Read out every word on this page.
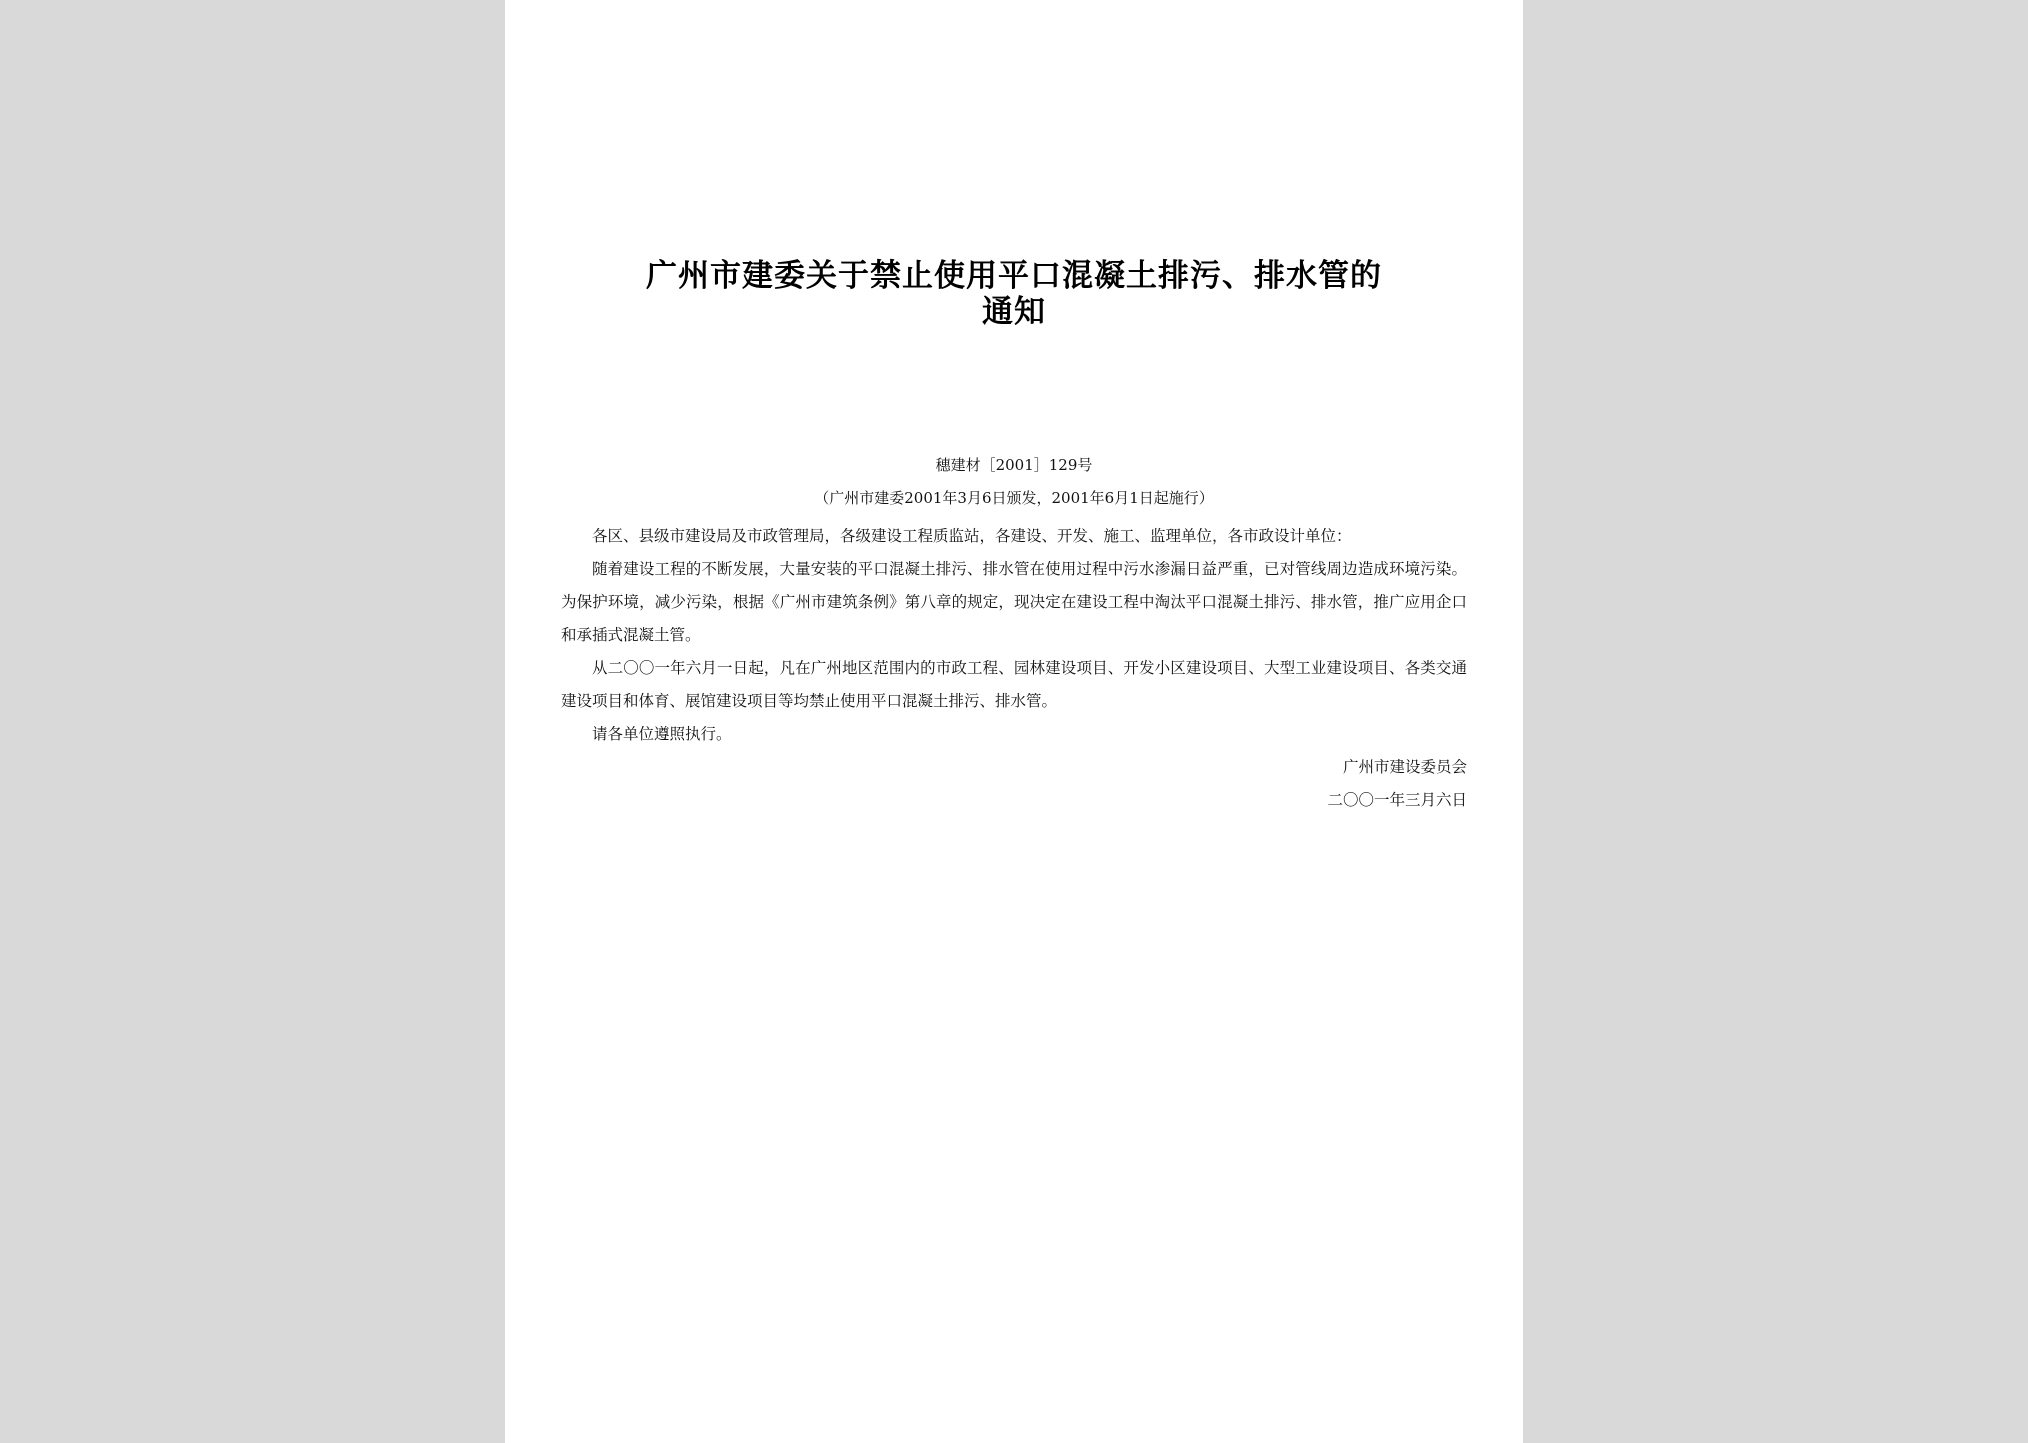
广州市建委关于禁止使用平口混凝土排污、排水管的
通知
穗建材［2001］129号
（广州市建委2001年3月6日颁发，2001年6月1日起施行）

各区、县级市建设局及市政管理局，各级建设工程质监站，各建设、开发、施工、监理单位，各市政设计单位：

随着建设工程的不断发展，大量安装的平口混凝土排污、排水管在使用过程中污水渗漏日益严重，已对管线周边造成环境污染。为保护环境，减少污染，根据《广州市建筑条例》第八章的规定，现决定在建设工程中淘汰平口混凝土排污、排水管，推广应用企口和承插式混凝土管。

从二〇〇一年六月一日起，凡在广州地区范围内的市政工程、园林建设项目、开发小区建设项目、大型工业建设项目、各类交通建设项目和体育、展馆建设项目等均禁止使用平口混凝土排污、排水管。

请各单位遵照执行。

广州市建设委员会
二〇〇一年三月六日
